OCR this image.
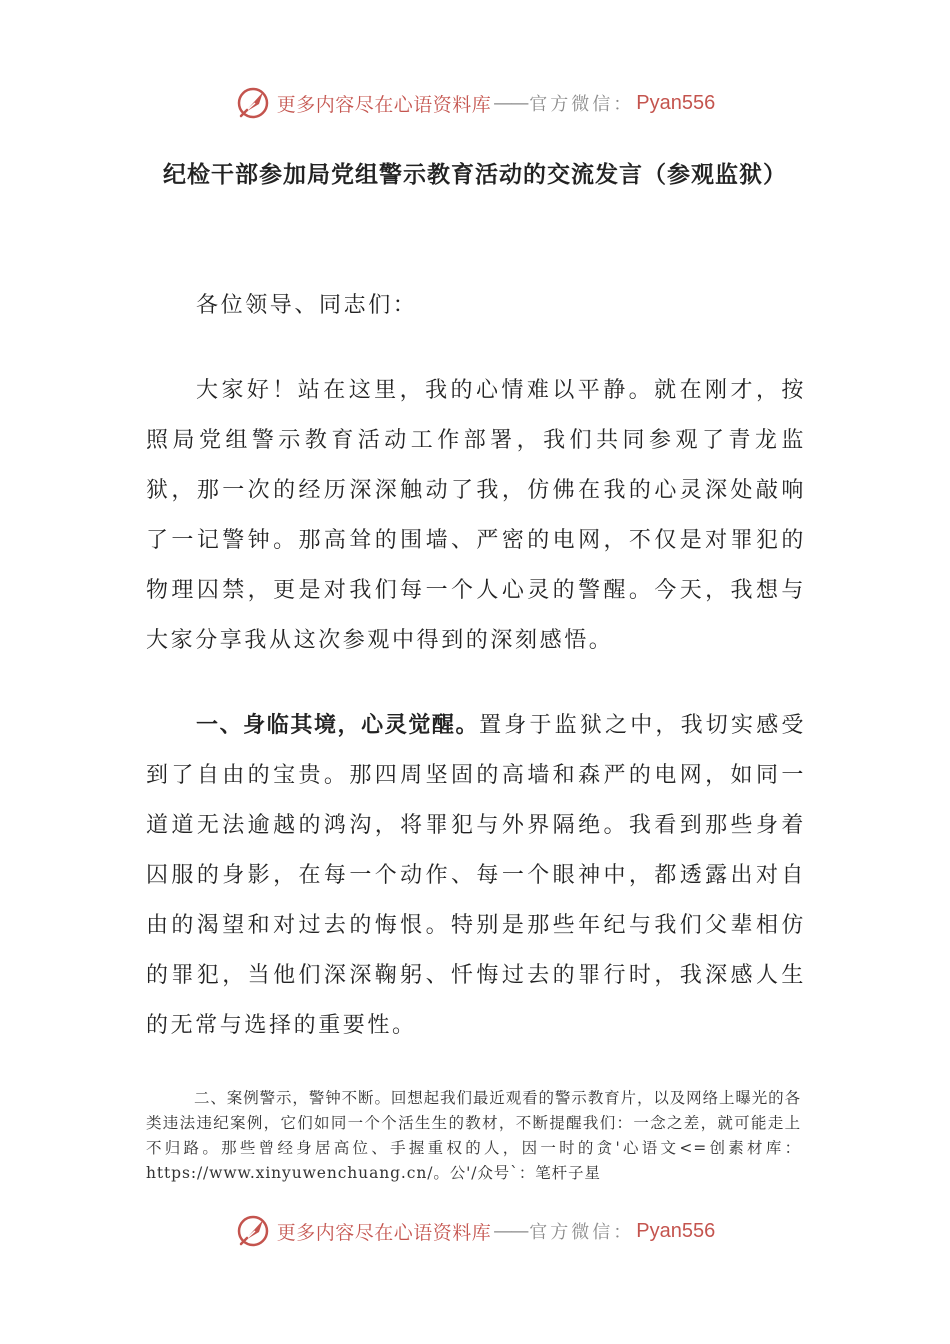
更多内容尽在心语资料库 —— 官方微信： Pyan556
纪检干部参加局党组警示教育活动的交流发言（参观监狱）

各位领导、同志们：

大家好！站在这里，我的心情难以平静。就在刚才，按照局党组警示教育活动工作部署，我们共同参观了青龙监狱，那一次的经历深深触动了我，仿佛在我的心灵深处敲响了一记警钟。那高耸的围墙、严密的电网，不仅是对罪犯的物理囚禁，更是对我们每一个人心灵的警醒。今天，我想与大家分享我从这次参观中得到的深刻感悟。

一、身临其境，心灵觉醒。置身于监狱之中，我切实感受到了自由的宝贵。那四周坚固的高墙和森严的电网，如同一道道无法逾越的鸿沟，将罪犯与外界隔绝。我看到那些身着囚服的身影，在每一个动作、每一个眼神中，都透露出对自由的渴望和对过去的悔恨。特别是那些年纪与我们父辈相仿的罪犯，当他们深深鞠躬、忏悔过去的罪行时，我深感人生的无常与选择的重要性。

二、案例警示，警钟不断。回想起我们最近观看的警示教育片，以及网络上曝光的各类违法违纪案例，它们如同一个个活生生的教材，不断提醒我们：一念之差，就可能走上不归路。那些曾经身居高位、手握重权的人，因一时的贪'心语文<=创素材库：https://www.xinyuwenchuang.cn/。公'/众号`：笔杆子星

更多内容尽在心语资料库 —— 官方微信： Pyan556
